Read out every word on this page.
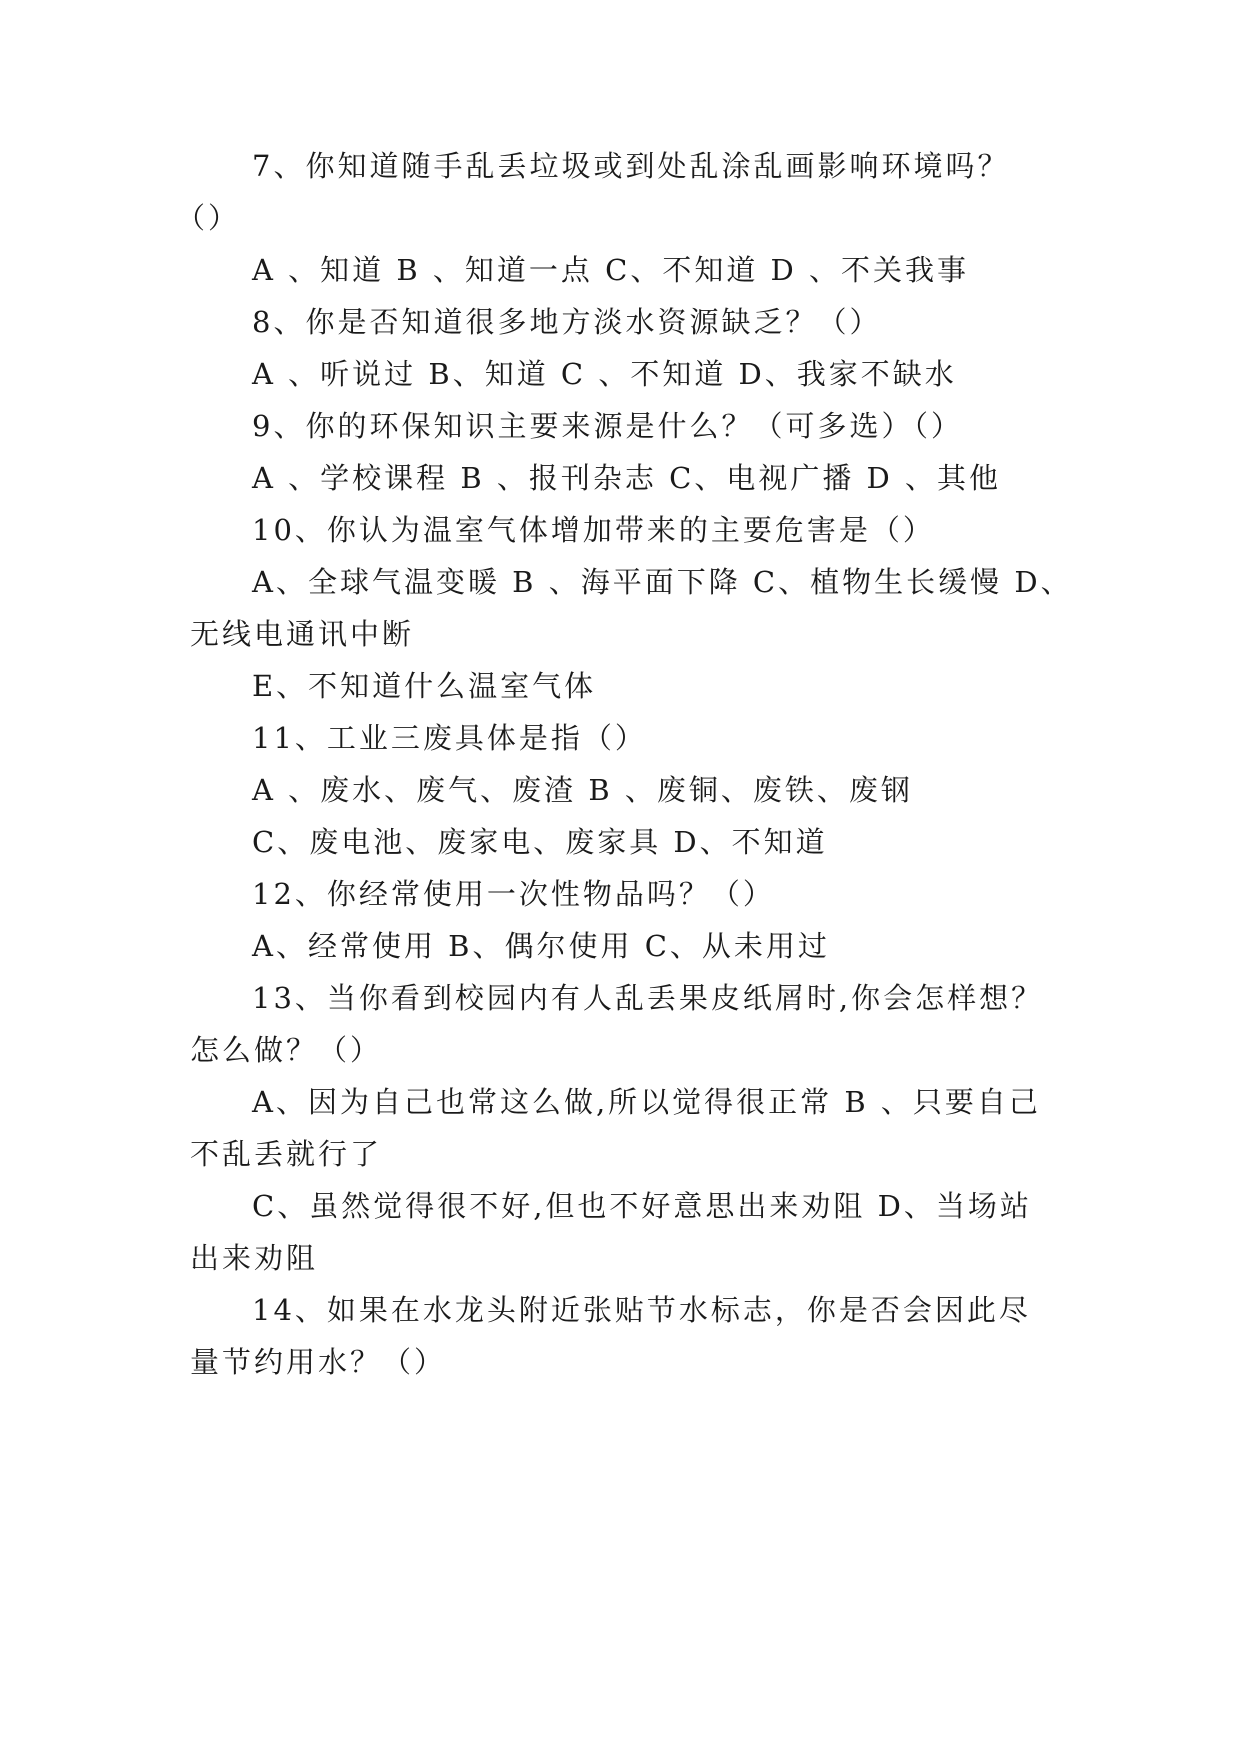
7、你知道随手乱丢垃圾或到处乱涂乱画影响环境吗？

（）

A 、知道 B 、知道一点 C、不知道 D 、不关我事

8、你是否知道很多地方淡水资源缺乏？（）

A 、听说过 B、知道 C 、不知道 D、我家不缺水

9、你的环保知识主要来源是什么？（可多选）（）

A 、学校课程 B 、报刊杂志 C、电视广播 D 、其他

10、你认为温室气体增加带来的主要危害是（）

A、全球气温变暖 B 、海平面下降 C、植物生长缓慢 D、

无线电通讯中断

E、不知道什么温室气体

11、工业三废具体是指（）

A 、废水、废气、废渣 B 、废铜、废铁、废钢

C、废电池、废家电、废家具 D、不知道

12、你经常使用一次性物品吗？（）

A、经常使用 B、偶尔使用 C、从未用过

13、当你看到校园内有人乱丢果皮纸屑时,你会怎样想？

怎么做？（）

A、因为自己也常这么做,所以觉得很正常 B 、只要自己

不乱丢就行了

C、虽然觉得很不好,但也不好意思出来劝阻 D、当场站

出来劝阻

14、如果在水龙头附近张贴节水标志，你是否会因此尽

量节约用水？（）
